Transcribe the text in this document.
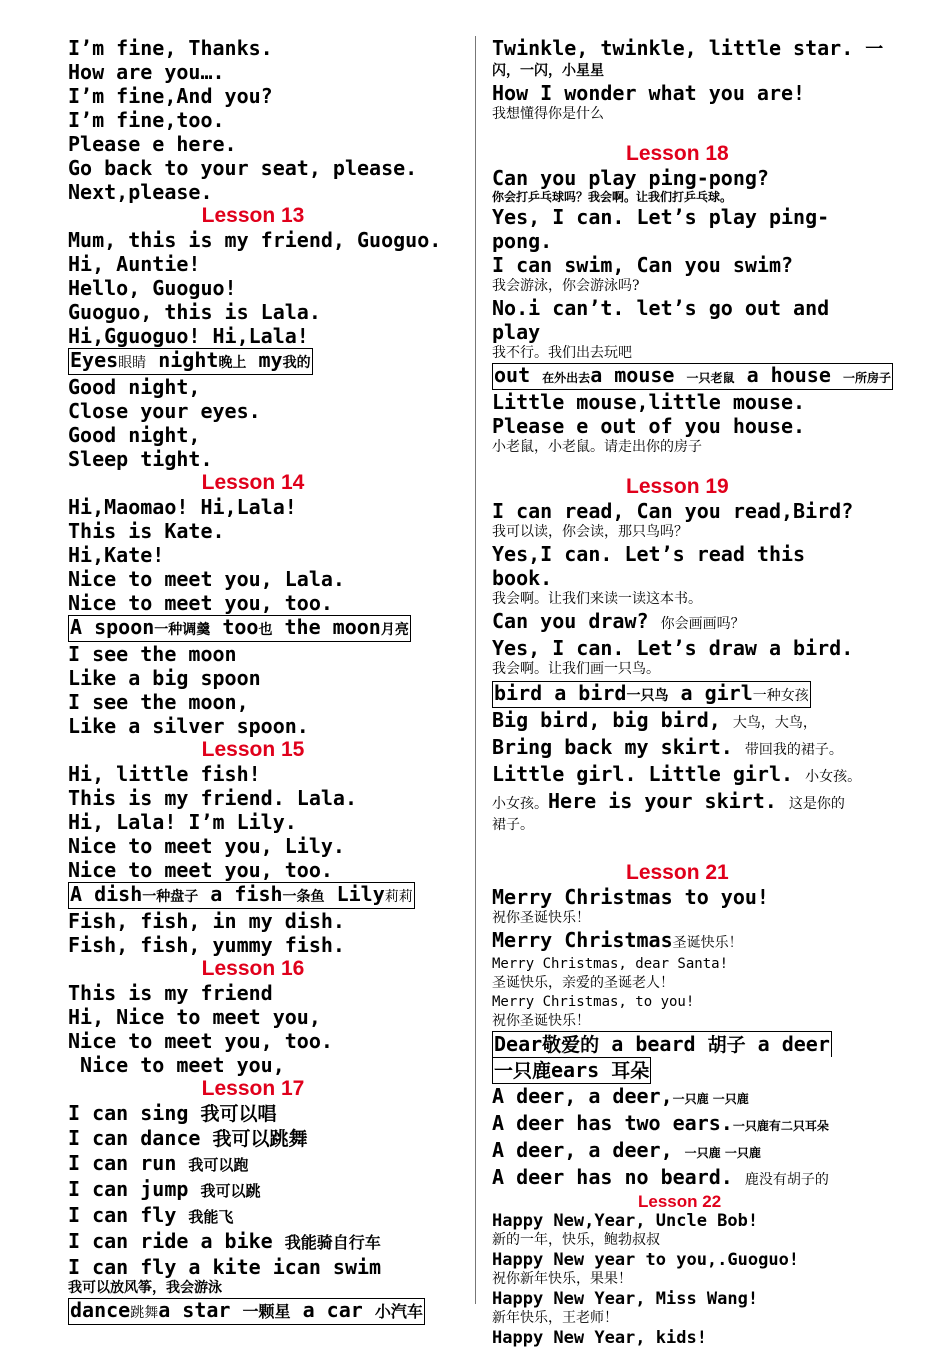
I’m fine, Thanks.
How are you….
I’m fine,And you?
I’m fine,too.
Please e here.
Go back to your seat, please.
Next,please.
Lesson 13
Mum, this is my friend, Guoguo.
Hi, Auntie!
Hello, Guoguo!
Guoguo, this is Lala.
Hi,Gguoguo! Hi,Lala!
Eyes眼睛 night晚上 my我的
Good night,
Close your eyes.
Good night,
Sleep tight.
Lesson 14
Hi,Maomao! Hi,Lala!
This is Kate.
Hi,Kate!
Nice to meet you, Lala.
Nice to meet you, too.
A spoon一种调羹 too也 the moon月亮
I see the moon
Like a big spoon
I see the moon,
Like a silver spoon.
Lesson 15
Hi, little fish!
This is my friend. Lala.
Hi, Lala! I’m Lily.
Nice to meet you, Lily.
Nice to meet you, too.
A dish一种盘子 a fish一条鱼 Lily莉莉
Fish, fish, in my dish.
Fish, fish, yummy fish.
Lesson 16
This is my friend
Hi, Nice to meet you,
Nice to meet you, too.
Nice to meet you,
Lesson 17
I can sing 我可以唱
I can dance 我可以跳舞
I can run 我可以跑
I can jump 我可以跳
I can fly 我能飞
I can ride a bike 我能骑自行车
I can fly a kite ican swim
我可以放风筝，我会游泳
dance跳舞a star 一颗星 a car 小汽车
Twinkle, twinkle, little star. 一
闪，一闪，小星星
How I wonder what you are!
我想懂得你是什么
Lesson 18
Can you play ping-pong?
你会打乒乓球吗？我会啊。让我们打乒乓球。
Yes, I can. Let’s play ping-
pong.
I can swim, Can you swim?
我会游泳，你会游泳吗?
No.i can’t. let’s go out and
play
我不行。我们出去玩吧
out 在外出去a mouse 一只老鼠 a house 一所房子
Little mouse,little mouse.
Please e out of you house.
小老鼠，小老鼠。请走出你的房子
Lesson 19
I can read, Can you read,Bird?
我可以读，你会读，那只鸟吗？
Yes,I can. Let’s read this
book.
我会啊。让我们来读一读这本书。
Can you draw? 你会画画吗？
Yes, I can. Let’s draw a bird.
我会啊。让我们画一只鸟。
bird a bird一只鸟 a girl一种女孩
Big bird, big bird, 大鸟，大鸟，
Bring back my skirt. 带回我的裙子。
Little girl. Little girl. 小女孩。
小女孩。Here is your skirt. 这是你的
裙子。
Lesson 21
Merry Christmas to you!
祝你圣诞快乐！
Merry Christmas圣诞快乐！
Merry Christmas, dear Santa!
圣诞快乐，亲爱的圣诞老人！
Merry Christmas, to you!
祝你圣诞快乐！
Dear敬爱的 a beard 胡子 a deer
一只鹿ears 耳朵
A deer, a deer,一只鹿 一只鹿
A deer has two ears.一只鹿有二只耳朵
A deer, a deer, 一只鹿 一只鹿
A deer has no beard. 鹿没有胡子的
Lesson 22
Happy New,Year, Uncle Bob!
新的一年，快乐，鲍勃叔叔
Happy New year to you,.Guoguo!
祝你新年快乐，果果！
Happy New Year, Miss Wang!
新年快乐，王老师！
Happy New Year, kids!
